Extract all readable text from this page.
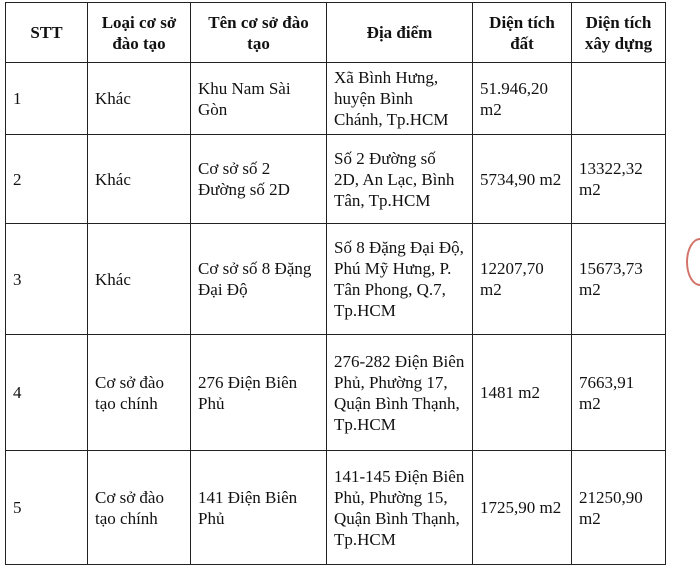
STT	Loại cơ sở đào tạo	Tên cơ sở đào tạo	Địa điểm	Diện tích đất	Diện tích xây dựng
1	Khác	Khu Nam Sài Gòn	Xã Bình Hưng, huyện Bình Chánh, Tp.HCM	51.946,20 m2	
2	Khác	Cơ sở số 2 Đường số 2D	Số 2 Đường số 2D, An Lạc, Bình Tân, Tp.HCM	5734,90 m2	13322,32 m2
3	Khác	Cơ sở số 8 Đặng Đại Độ	Số 8 Đặng Đại Độ, Phú Mỹ Hưng, P. Tân Phong, Q.7, Tp.HCM	12207,70 m2	15673,73 m2
4	Cơ sở đào tạo chính	276 Điện Biên Phủ	276-282 Điện Biên Phủ, Phường 17, Quận Bình Thạnh, Tp.HCM	1481 m2	7663,91 m2
5	Cơ sở đào tạo chính	141 Điện Biên Phủ	141-145 Điện Biên Phủ, Phường 15, Quận Bình Thạnh, Tp.HCM	1725,90 m2	21250,90 m2
